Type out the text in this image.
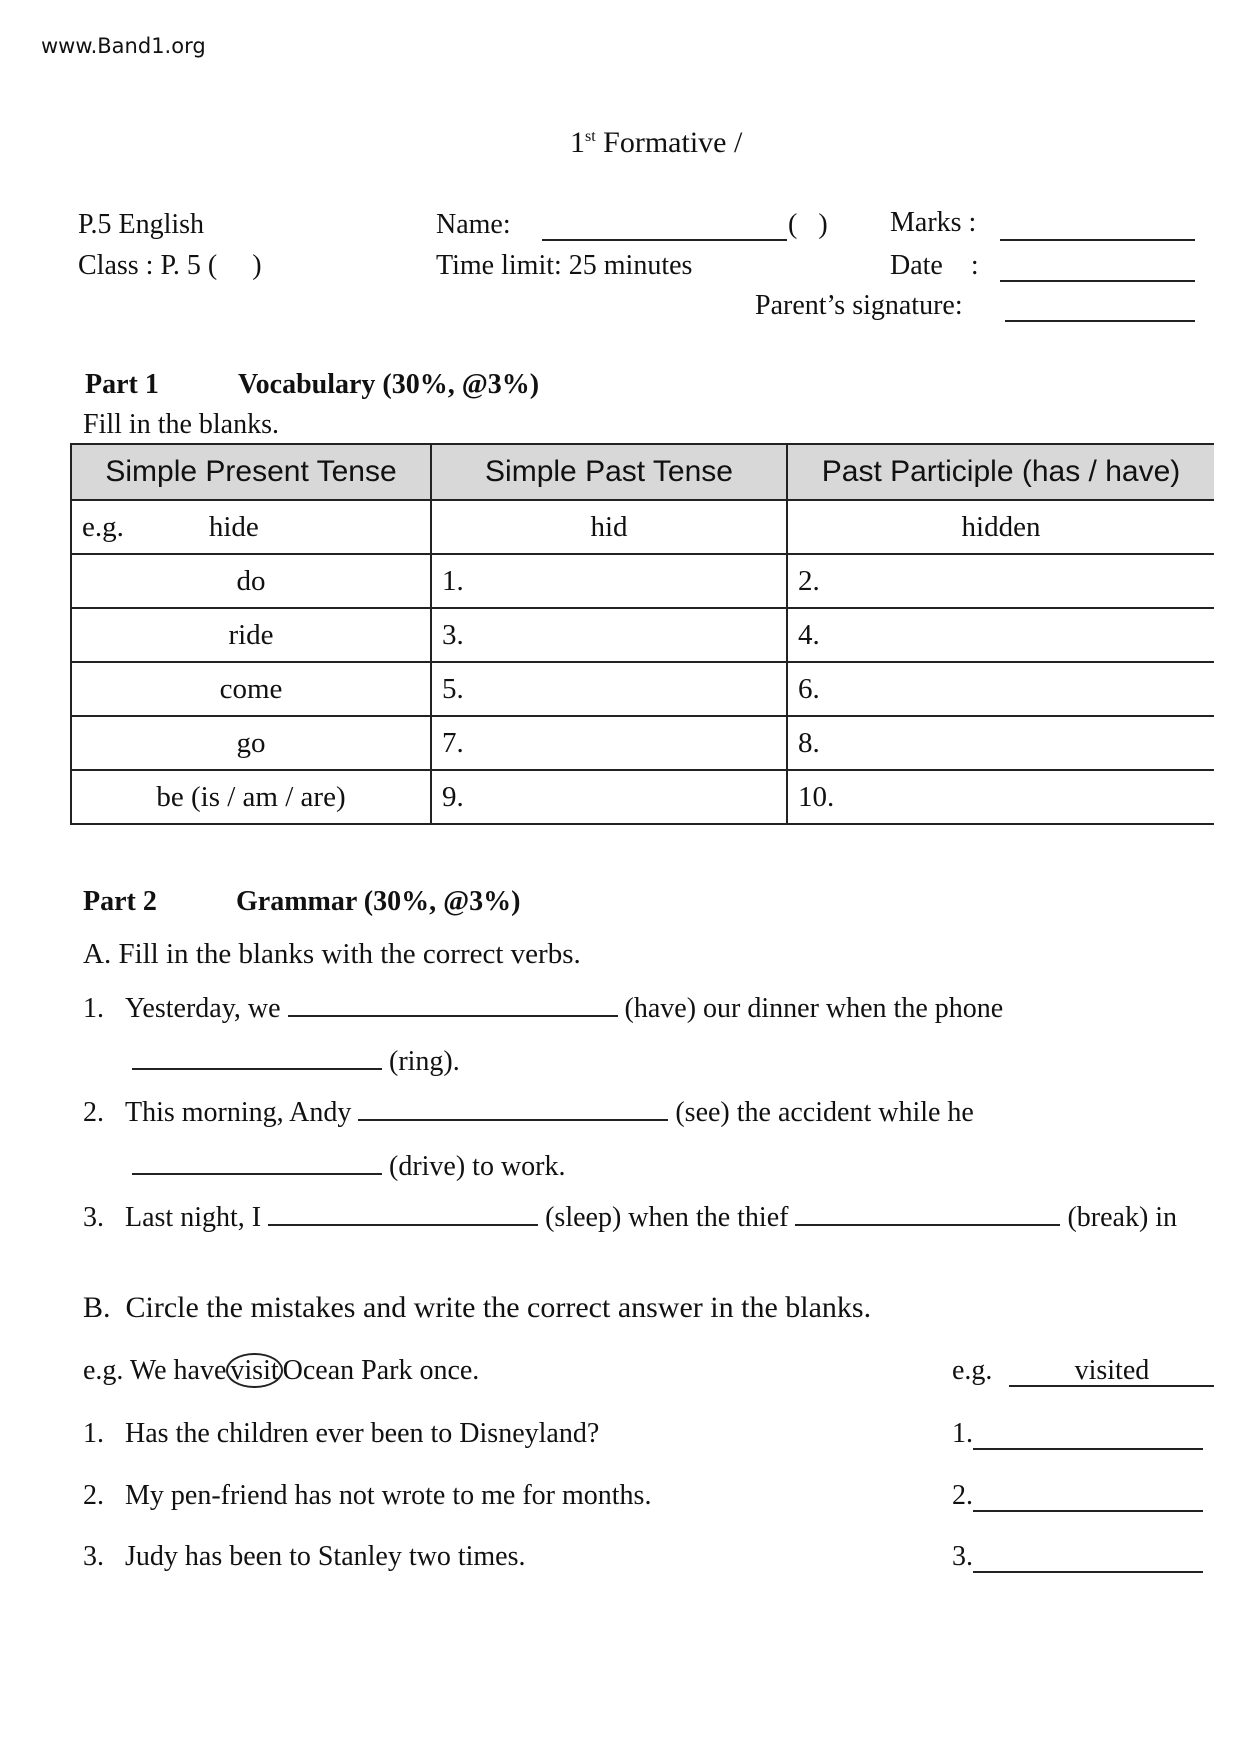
www.Band1.org
1st Formative /
P.5 English
Class : P. 5 (     )
Name:	(   )
Time limit: 25 minutes
Marks :
Date    :
Parent’s signature:
Part 1	Vocabulary (30%, @3%)
Fill in the blanks.
Simple Present Tense	Simple Past Tense	Past Participle (has / have)
e.g. hide	hid	hidden
do	1.	2.
ride	3.	4.
come	5.	6.
go	7.	8.
be (is / am / are)	9.	10.
Part 2	Grammar (30%, @3%)
A. Fill in the blanks with the correct verbs.
1. Yesterday, we	(have) our dinner when the phone
(ring).
2. This morning, Andy	(see) the accident while he
(drive) to work.
3. Last night, I	(sleep) when the thief	(break) in
B.  Circle the mistakes and write the correct answer in the blanks.
e.g. We have visit Ocean Park once.	e.g.	visited
1. Has the children ever been to Disneyland?	1.
2. My pen-friend has not wrote to me for months.	2.
3. Judy has been to Stanley two times.	3.
